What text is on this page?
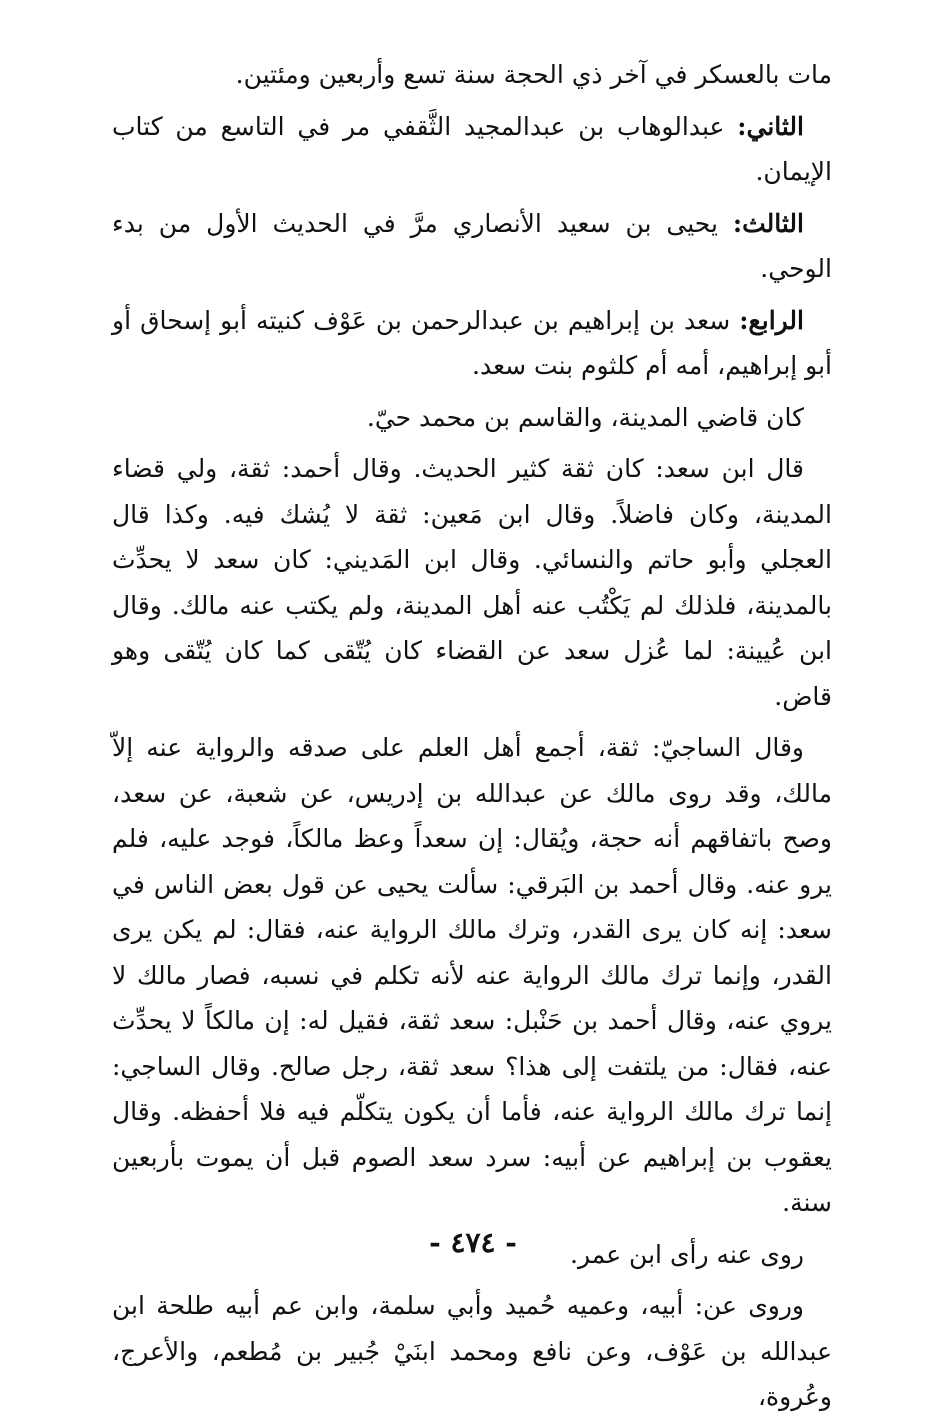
مات بالعسكر في آخر ذي الحجة سنة تسع وأربعين ومئتين.

الثاني: عبدالوهاب بن عبدالمجيد الثَّقفي مر في التاسع من كتاب الإيمان.

الثالث: يحيى بن سعيد الأنصاري مرَّ في الحديث الأول من بدء الوحي.

الرابع: سعد بن إبراهيم بن عبدالرحمن بن عَوْف كنيته أبو إسحاق أو أبو إبراهيم، أمه أم كلثوم بنت سعد.

كان قاضي المدينة، والقاسم بن محمد حيّ.

قال ابن سعد: كان ثقة كثير الحديث. وقال أحمد: ثقة، ولي قضاء المدينة، وكان فاضلاً. وقال ابن مَعين: ثقة لا يُشك فيه. وكذا قال العجلي وأبو حاتم والنسائي. وقال ابن المَديني: كان سعد لا يحدِّث بالمدينة، فلذلك لم يَكْتُب عنه أهل المدينة، ولم يكتب عنه مالك. وقال ابن عُيينة: لما عُزل سعد عن القضاء كان يُتّقى كما كان يُتّقى وهو قاض.

وقال الساجيّ: ثقة، أجمع أهل العلم على صدقه والرواية عنه إلاّ مالك، وقد روى مالك عن عبدالله بن إدريس، عن شعبة، عن سعد، وصح باتفاقهم أنه حجة، ويُقال: إن سعداً وعظ مالكاً، فوجد عليه، فلم يرو عنه. وقال أحمد بن البَرقي: سألت يحيى عن قول بعض الناس في سعد: إنه كان يرى القدر، وترك مالك الرواية عنه، فقال: لم يكن يرى القدر، وإنما ترك مالك الرواية عنه لأنه تكلم في نسبه، فصار مالك لا يروي عنه، وقال أحمد بن حَنْبل: سعد ثقة، فقيل له: إن مالكاً لا يحدِّث عنه، فقال: من يلتفت إلى هذا؟ سعد ثقة، رجل صالح. وقال الساجي: إنما ترك مالك الرواية عنه، فأما أن يكون يتكلّم فيه فلا أحفظه. وقال يعقوب بن إبراهيم عن أبيه: سرد سعد الصوم قبل أن يموت بأربعين سنة.

روى عنه رأى ابن عمر.

وروى عن: أبيه، وعميه حُميد وأبي سلمة، وابن عم أبيه طلحة ابن عبدالله بن عَوْف، وعن نافع ومحمد ابنَيْ جُبير بن مُطعم، والأعرج، وعُروة،

- ٤٧٤ -
